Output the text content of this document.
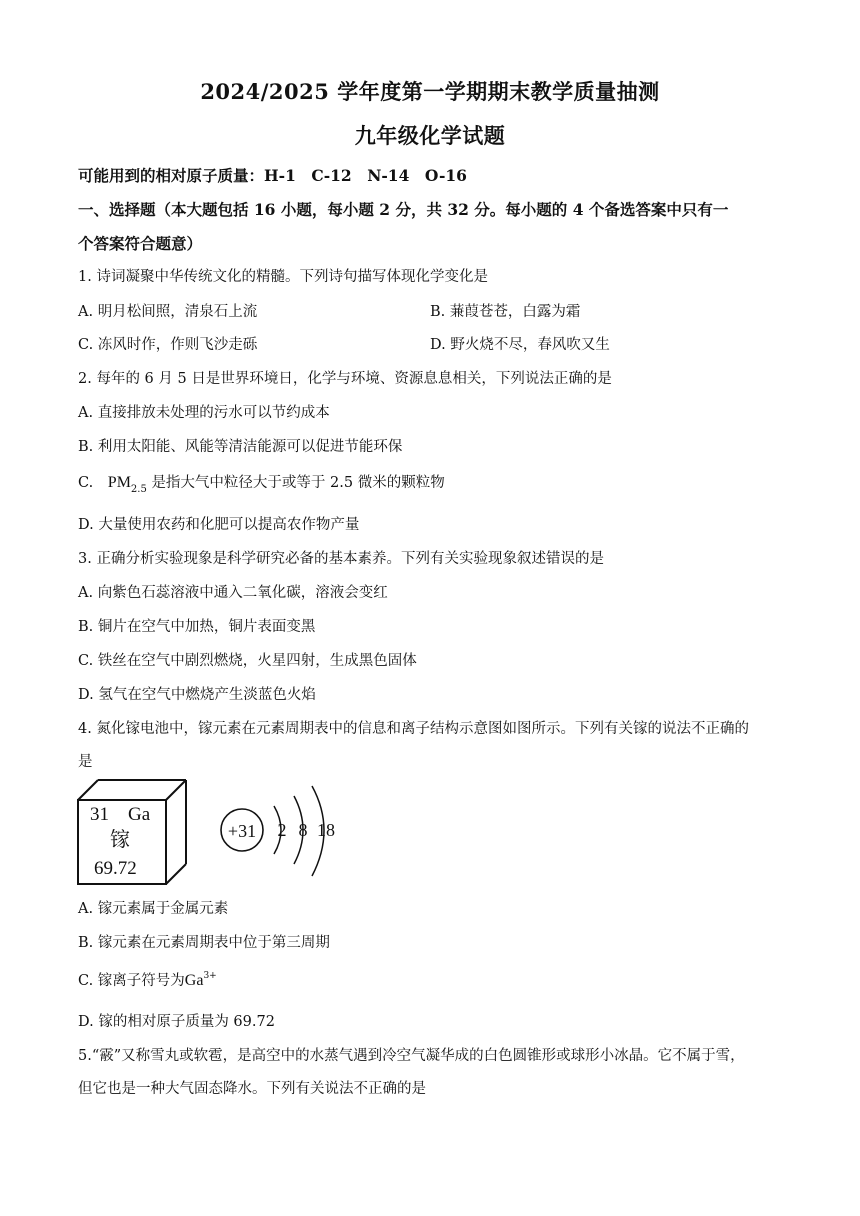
2024/2025 学年度第一学期期末教学质量抽测
九年级化学试题
可能用到的相对原子质量：H-1　C-12　N-14　O-16
一、选择题（本大题包括 16 小题，每小题 2 分，共 32 分。每小题的 4 个备选答案中只有一
个答案符合题意）
1. 诗词凝聚中华传统文化的精髓。下列诗句描写体现化学变化是
A. 明月松间照，清泉石上流	B. 蒹葭苍苍，白露为霜
C. 冻风时作，作则飞沙走砾	D. 野火烧不尽，春风吹又生
2. 每年的 6 月 5 日是世界环境日，化学与环境、资源息息相关，下列说法正确的是
A. 直接排放未处理的污水可以节约成本
B. 利用太阳能、风能等清洁能源可以促进节能环保
C. $PM_{2.5}$ 是指大气中粒径大于或等于 2.5 微米的颗粒物
D. 大量使用农药和化肥可以提高农作物产量
3. 正确分析实验现象是科学研究必备的基本素养。下列有关实验现象叙述错误的是
A. 向紫色石蕊溶液中通入二氧化碳，溶液会变红
B. 铜片在空气中加热，铜片表面变黑
C. 铁丝在空气中剧烈燃烧，火星四射，生成黑色固体
D. 氢气在空气中燃烧产生淡蓝色火焰
4. 氮化镓电池中，镓元素在元素周期表中的信息和离子结构示意图如图所示。下列有关镓的说法不正确的
是
31 Ga
镓
69.72
+31 2 8 18
A. 镓元素属于金属元素
B. 镓元素在元素周期表中位于第三周期
C. 镓离子符号为$Ga^{3+}$
D. 镓的相对原子质量为 69.72
5.“霰”又称雪丸或软雹，是高空中的水蒸气遇到冷空气凝华成的白色圆锥形或球形小冰晶。它不属于雪，
但它也是一种大气固态降水。下列有关说法不正确的是
